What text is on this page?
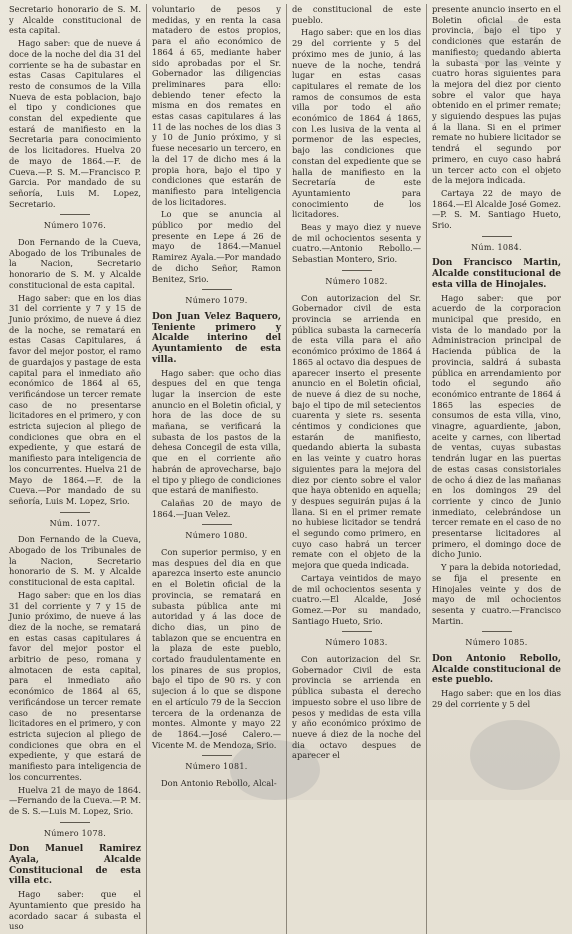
Secretario honorario de S. M. y Alcalde constitucional de esta capital.

Hago saber: que de nueve á doce de la noche del dia 31 del corriente se ha de subastar en estas Casas Capitulares el resto de consumos de la Villa Nueva de esta poblacion, bajo el tipo y condiciones que constan del expediente que estará de manifiesto en la Secretaria para conocimiento de los licitadores. Huelva 20 de mayo de 1864.—F. de Cueva.—P. S. M.—Francisco P. Garcia. Por mandado de su señoría, Luis M. Lopez, Secretario.

Número 1076.

Don Fernando de la Cueva, Abogado de los Tribunales de la Nacion, Secretario honorario de S. M. y Alcalde constitucional de esta capital.

Hago saber: que en los dias 31 del corriente y 7 y 15 de Junio próximo, de nueve á diez de la noche, se rematará en estas Casas Capitulares, á favor del mejor postor, el ramo de guardajos y pastage de esta capital para el inmediato año económico de 1864 al 65, verificándose un tercer remate caso de no presentarse licitadores en el primero, y con estricta sujecion al pliego de condiciones que obra en el expediente, y que estará de manifiesto para inteligencia de los concurrentes. Huelva 21 de Mayo de 1864.—F. de la Cueva.—Por mandado de su señoría, Luis M. Lopez, Srio.

Núm. 1077.

Don Fernando de la Cueva, Abogado de los Tribunales de la Nacion, Secretario honorario de S. M. y Alcalde constitucional de esta capital.

Hago saber: que en los dias 31 del corriente y 7 y 15 de Junio próximo, de nueve á las diez de la noche, se rematará en estas casas capitulares á favor del mejor postor el arbitrio de peso, romana y almotacen de esta capital, para el inmediato año económico de 1864 al 65, verificándose un tercer remate caso de no presentarse licitadores en el primero, y con estricta sujecion al pliego de condiciones que obra en el expediente, y que estará de manifiesto para inteligencia de los concurrentes.

Huelva 21 de mayo de 1864.—Fernando de la Cueva.—P. M. de S. S.—Luis M. Lopez, Srio.

Número 1078.

Don Manuel Ramirez Ayala, Alcalde Constitucional de esta villa etc.

Hago saber: que el Ayuntamiento que presido ha acordado sacar á subasta el uso

voluntario de pesos y medidas, y en renta la casa matadero de estos propios, para el año económico de 1864 á 65, mediante haber sido aprobadas por el Sr. Gobernador las diligencias preliminares para ello: debiendo tener efecto la misma en dos remates en estas casas capitulares á las 11 de las noches de los dias 3 y 10 de Junio próximo, y si fuese necesario un tercero, en la del 17 de dicho mes á la propia hora, bajo el tipo y condiciones que estarán de manifiesto para inteligencia de los licitadores.

Lo que se anuncia al público por medio del presente en Lepe á 26 de mayo de 1864.—Manuel Ramirez Ayala.—Por mandado de dicho Señor, Ramon Benitez, Srio.

Número 1079.

Don Juan Velez Baquero, Teniente primero y Alcalde interino del Ayuntamiento de esta villa.

Hago saber: que ocho dias despues del en que tenga lugar la insercion de este anuncio en el Boletin oficial, y hora de las doce de su mañana, se verificará la subasta de los pastos de la dehesa Concegil de esta villa, que en el corriente año habrán de aprovecharse, bajo el tipo y pliego de condiciones que estará de manifiesto.

Calañas 20 de mayo de 1864.—Juan Velez.

Número 1080.

Con superior permiso, y en mas despues del dia en que aparezca inserto este anuncio en el Boletin oficial de la provincia, se rematará en subasta pública ante mi autoridad y á las doce de dicho dias, un pino de tablazon que se encuentra en la plaza de este pueblo, cortado fraudulentamente en los pinares de sus propios, bajo el tipo de 90 rs. y con sujecion á lo que se dispone en el artículo 79 de la Seccion tercera de la ordenanza de montes. Almonte y mayo 22 de 1864.—José Calero.—Vicente M. de Mendoza, Srio.

Número 1081.

Don Antonio Rebollo, Alcal-

de constitucional de este pueblo.

Hago saber: que en los dias 29 del corriente y 5 del próximo mes de junio, á las nueve de la noche, tendrá lugar en estas casas capitulares el remate de los ramos de consumos de esta villa por todo el año económico de 1864 á 1865, con l.es lusiva de la venta al pormenor de las especies, bajo las condiciones que constan del expediente que se halla de manifiesto en la Secretaría de este Ayuntamiento para conocimiento de los licitadores.

Beas y mayo diez y nueve de mil ochocientos sesenta y cuatro.—Antonio Rebollo.—Sebastian Montero, Srio.

Número 1082.

Con autorizacion del Sr. Gobernador civil de esta provincia se arrienda en pública subasta la carnecería de esta villa para el año económico próximo de 1864 á 1865 al octavo dia despues de aparecer inserto el presente anuncio en el Boletin oficial, de nueve á diez de su noche, bajo el tipo de mil setecientos cuarenta y siete rs. sesenta céntimos y condiciones que estarán de manifiesto, quedando abierta la subasta en las veinte y cuatro horas siguientes para la mejora del diez por ciento sobre el valor que haya obtenido en aquella; y despues seguirán pujas á la llana. Si en el primer remate no hubiese licitador se tendrá el segundo como primero, en cuyo caso habrá un tercer remate con el objeto de la mejora que queda indicada.

Cartaya veintidos de mayo de mil ochocientos sesenta y cuatro.—El Alcalde, José Gomez.—Por su mandado, Santiago Hueto, Srio.

Número 1083.

Con autorizacion del Sr. Gobernador Civil de esta provincia se arrienda en pública subasta el derecho impuesto sobre el uso libre de pesos y medidas de esta villa y año económico próximo de nueve á diez de la noche del dia octavo despues de aparecer el

presente anuncio inserto en el Boletin oficial de esta provincia, bajo el tipo y condiciones que estarán de manifiesto; quedando abierta la subasta por las veinte y cuatro horas siguientes para la mejora del diez por ciento sobre el valor que haya obtenido en el primer remate; y siguiendo despues las pujas á la llana. Si en el primer remate no hubiere licitador se tendrá el segundo por primero, en cuyo caso habrá un tercer acto con el objeto de la mejora indicada.

Cartaya 22 de mayo de 1864.—El Alcalde José Gomez.—P. S. M. Santiago Hueto, Srio.

Núm. 1084.

Don Francisco Martin, Alcalde constitucional de esta villa de Hinojales.

Hago saber: que por acuerdo de la corporacion municipal que presido, en vista de lo mandado por la Administracion principal de Hacienda pública de la provincia, saldrá á subasta pública en arrendamiento por todo el segundo año económico entrante de 1864 á 1865 las especies de consumos de esta villa, vino, vinagre, aguardiente, jabon, aceite y carnes, con libertad de ventas, cuyas subastas tendrán lugar en las puertas de estas casas consistoriales de ocho á diez de las mañanas en los domingos 29 del corriente y cinco de Junio inmediato, celebrándose un tercer remate en el caso de no presentarse licitadores al primero, el domingo doce de dicho Junio.

Y para la debida notoriedad, se fija el presente en Hinojales veinte y dos de mayo de mil ochocientos sesenta y cuatro.—Francisco Martin.

Número 1085.

Don Antonio Rebollo, Alcalde constitucional de este pueblo.

Hago saber: que en los dias 29 del corriente y 5 del
